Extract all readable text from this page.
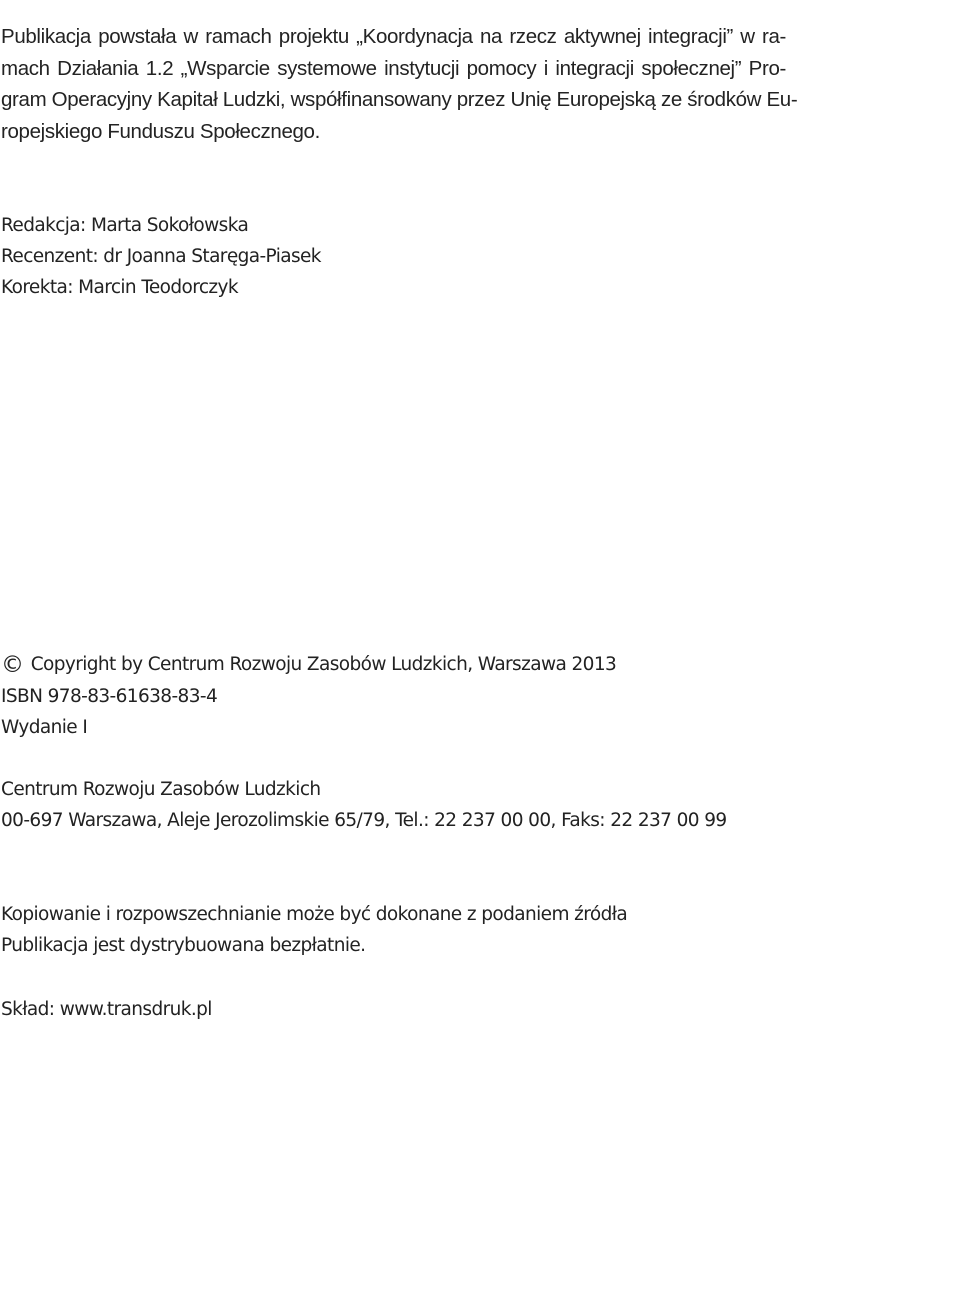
Publikacja powstała w ramach projektu „Koordynacja na rzecz aktywnej integracji” w ra-
mach Działania 1.2 „Wsparcie systemowe instytucji pomocy i integracji społecznej” Pro-
gram Operacyjny Kapitał Ludzki, współfinansowany przez Unię Europejską ze środków Eu-
ropejskiego Funduszu Społecznego.
Redakcja: Marta Sokołowska
Recenzent: dr Joanna Staręga-Piasek
Korekta: Marcin Teodorczyk
© Copyright by Centrum Rozwoju Zasobów Ludzkich, Warszawa 2013
ISBN 978-83-61638-83-4
Wydanie I
Centrum Rozwoju Zasobów Ludzkich
00-697 Warszawa, Aleje Jerozolimskie 65/79, Tel.: 22 237 00 00, Faks: 22 237 00 99
Kopiowanie i rozpowszechnianie może być dokonane z podaniem źródła
Publikacja jest dystrybuowana bezpłatnie.
Skład: www.transdruk.pl
